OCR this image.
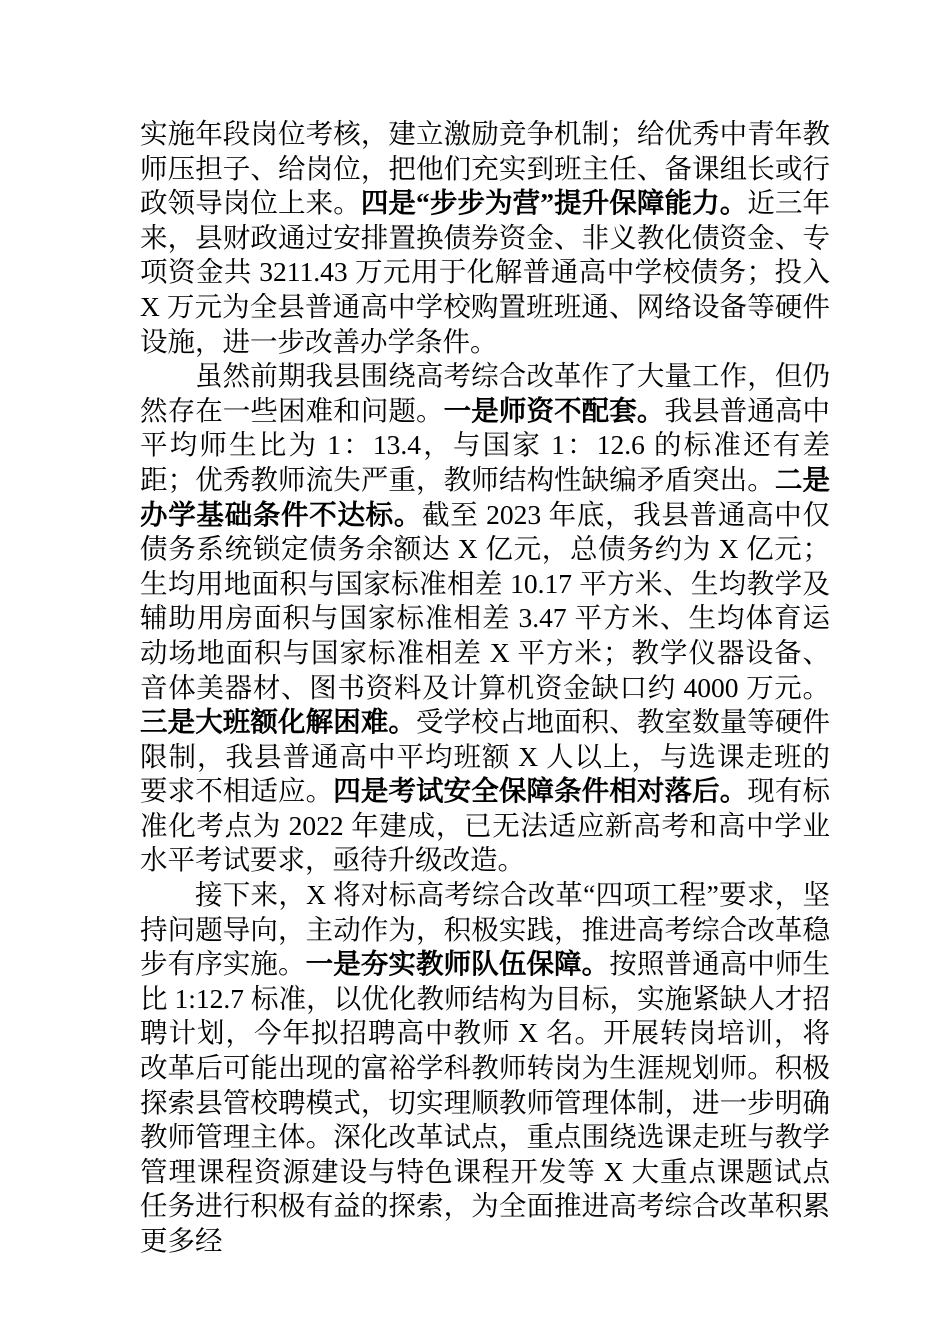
实施年段岗位考核，建立激励竞争机制；给优秀中青年教师压担子、给岗位，把他们充实到班主任、备课组长或行政领导岗位上来。四是“步步为营”提升保障能力。近三年来，县财政通过安排置换债券资金、非义教化债资金、专项资金共 3211.43 万元用于化解普通高中学校债务；投入 X 万元为全县普通高中学校购置班班通、网络设备等硬件设施，进一步改善办学条件。

虽然前期我县围绕高考综合改革作了大量工作，但仍然存在一些困难和问题。一是师资不配套。我县普通高中平均师生比为 1：13.4，与国家 1：12.6 的标准还有差距；优秀教师流失严重，教师结构性缺编矛盾突出。二是办学基础条件不达标。截至 2023 年底，我县普通高中仅债务系统锁定债务余额达 X 亿元，总债务约为 X 亿元；生均用地面积与国家标准相差 10.17 平方米、生均教学及辅助用房面积与国家标准相差 3.47 平方米、生均体育运动场地面积与国家标准相差 X 平方米；教学仪器设备、音体美器材、图书资料及计算机资金缺口约 4000 万元。三是大班额化解困难。受学校占地面积、教室数量等硬件限制，我县普通高中平均班额 X 人以上，与选课走班的要求不相适应。四是考试安全保障条件相对落后。现有标准化考点为 2022 年建成，已无法适应新高考和高中学业水平考试要求，亟待升级改造。

接下来，X 将对标高考综合改革“四项工程”要求，坚持问题导向，主动作为，积极实践，推进高考综合改革稳步有序实施。一是夯实教师队伍保障。按照普通高中师生比 1:12.7 标准，以优化教师结构为目标，实施紧缺人才招聘计划，今年拟招聘高中教师 X 名。开展转岗培训，将改革后可能出现的富裕学科教师转岗为生涯规划师。积极探索县管校聘模式，切实理顺教师管理体制，进一步明确教师管理主体。深化改革试点，重点围绕选课走班与教学管理课程资源建设与特色课程开发等 X 大重点课题试点任务进行积极有益的探索，为全面推进高考综合改革积累更多经
